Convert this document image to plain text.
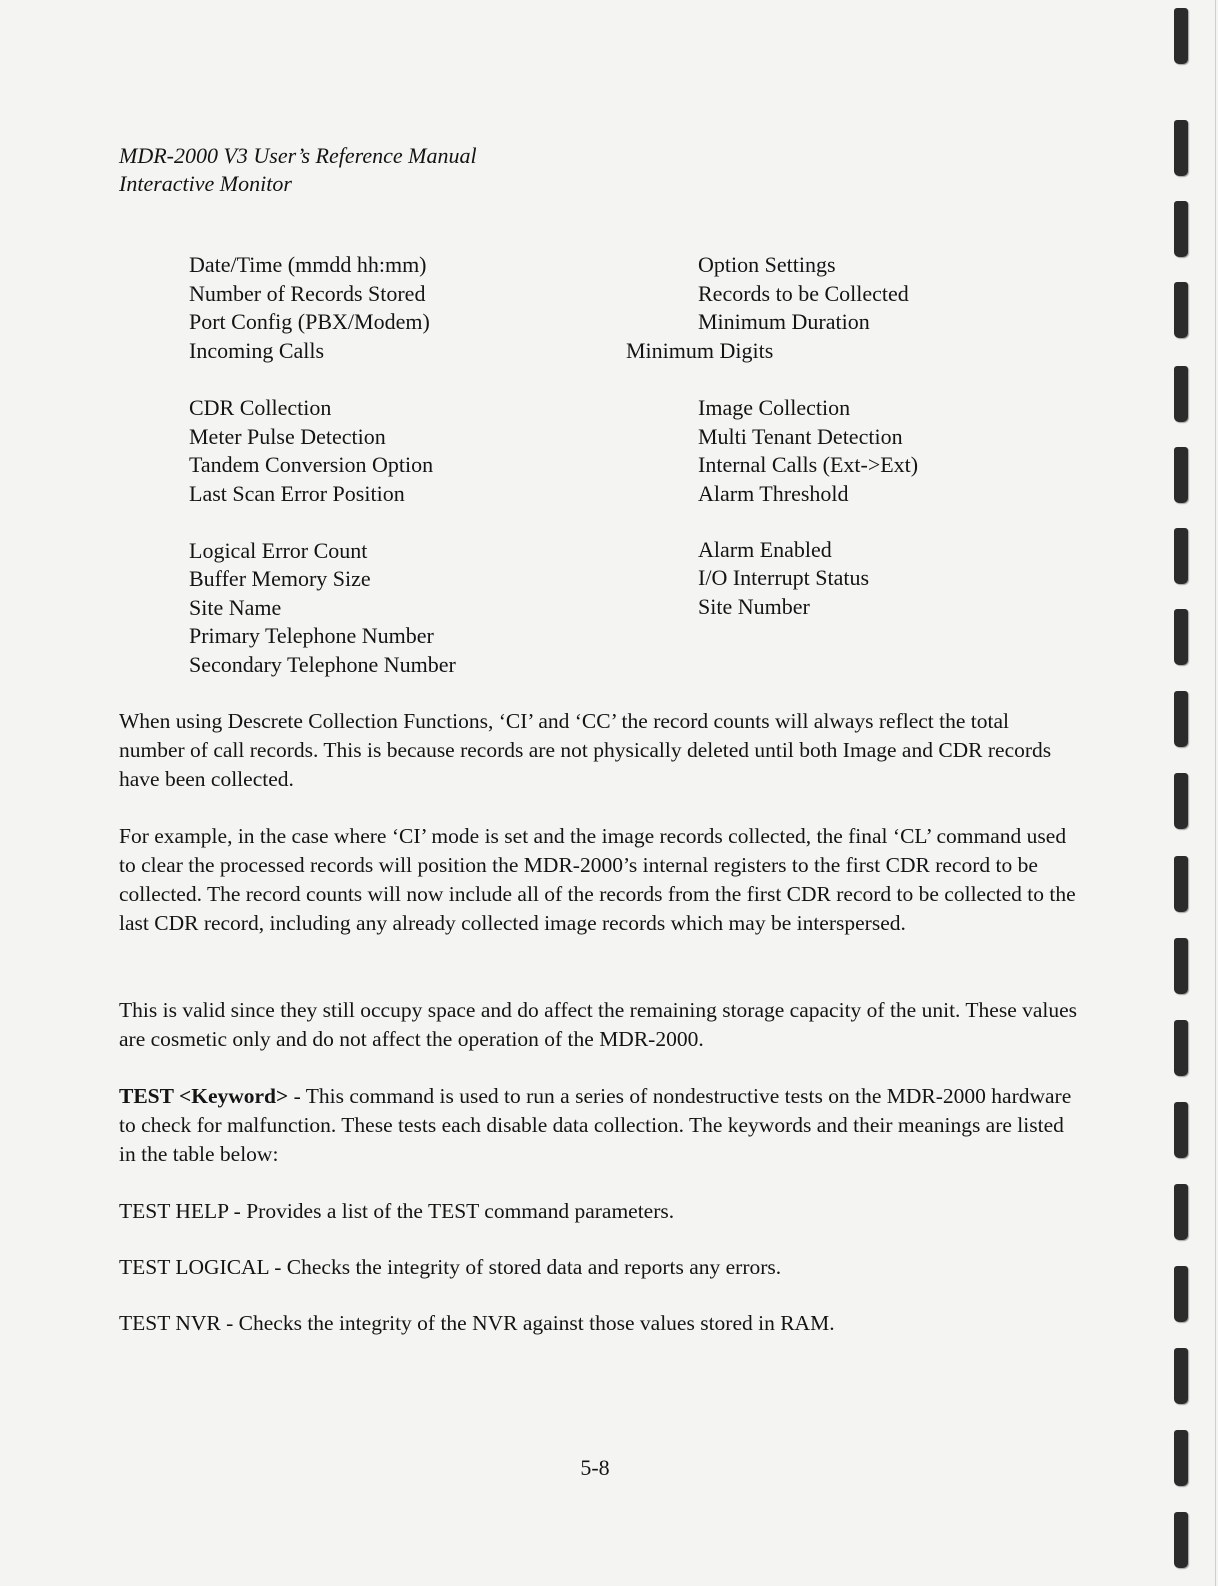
MDR-2000 V3 User’s Reference Manual
Interactive Monitor
Date/Time (mmdd hh:mm)
Number of Records Stored
Port Config (PBX/Modem)
Incoming Calls
CDR Collection
Meter Pulse Detection
Tandem Conversion Option
Last Scan Error Position
Logical Error Count
Buffer Memory Size
Site Name
Primary Telephone Number
Secondary Telephone Number
Option Settings
Records to be Collected
Minimum Duration
Minimum Digits
Image Collection
Multi Tenant Detection
Internal Calls (Ext->Ext)
Alarm Threshold
Alarm Enabled
I/O Interrupt Status
Site Number

When using Descrete Collection Functions, ‘CI’ and ‘CC’ the record counts will always reflect the total number of call records. This is because records are not physically deleted until both Image and CDR records have been collected.

For example, in the case where ‘CI’ mode is set and the image records collected, the final ‘CL’ command used to clear the processed records will position the MDR-2000’s internal registers to the first CDR record to be collected. The record counts will now include all of the records from the first CDR record to be collected to the last CDR record, including any already collected image records which may be interspersed.

This is valid since they still occupy space and do affect the remaining storage capacity of the unit. These values are cosmetic only and do not affect the operation of the MDR-2000.

TEST <Keyword> - This command is used to run a series of nondestructive tests on the MDR-2000 hardware to check for malfunction. These tests each disable data collection. The keywords and their meanings are listed in the table below:

TEST HELP - Provides a list of the TEST command parameters.

TEST LOGICAL - Checks the integrity of stored data and reports any errors.

TEST NVR - Checks the integrity of the NVR against those values stored in RAM.

5-8
